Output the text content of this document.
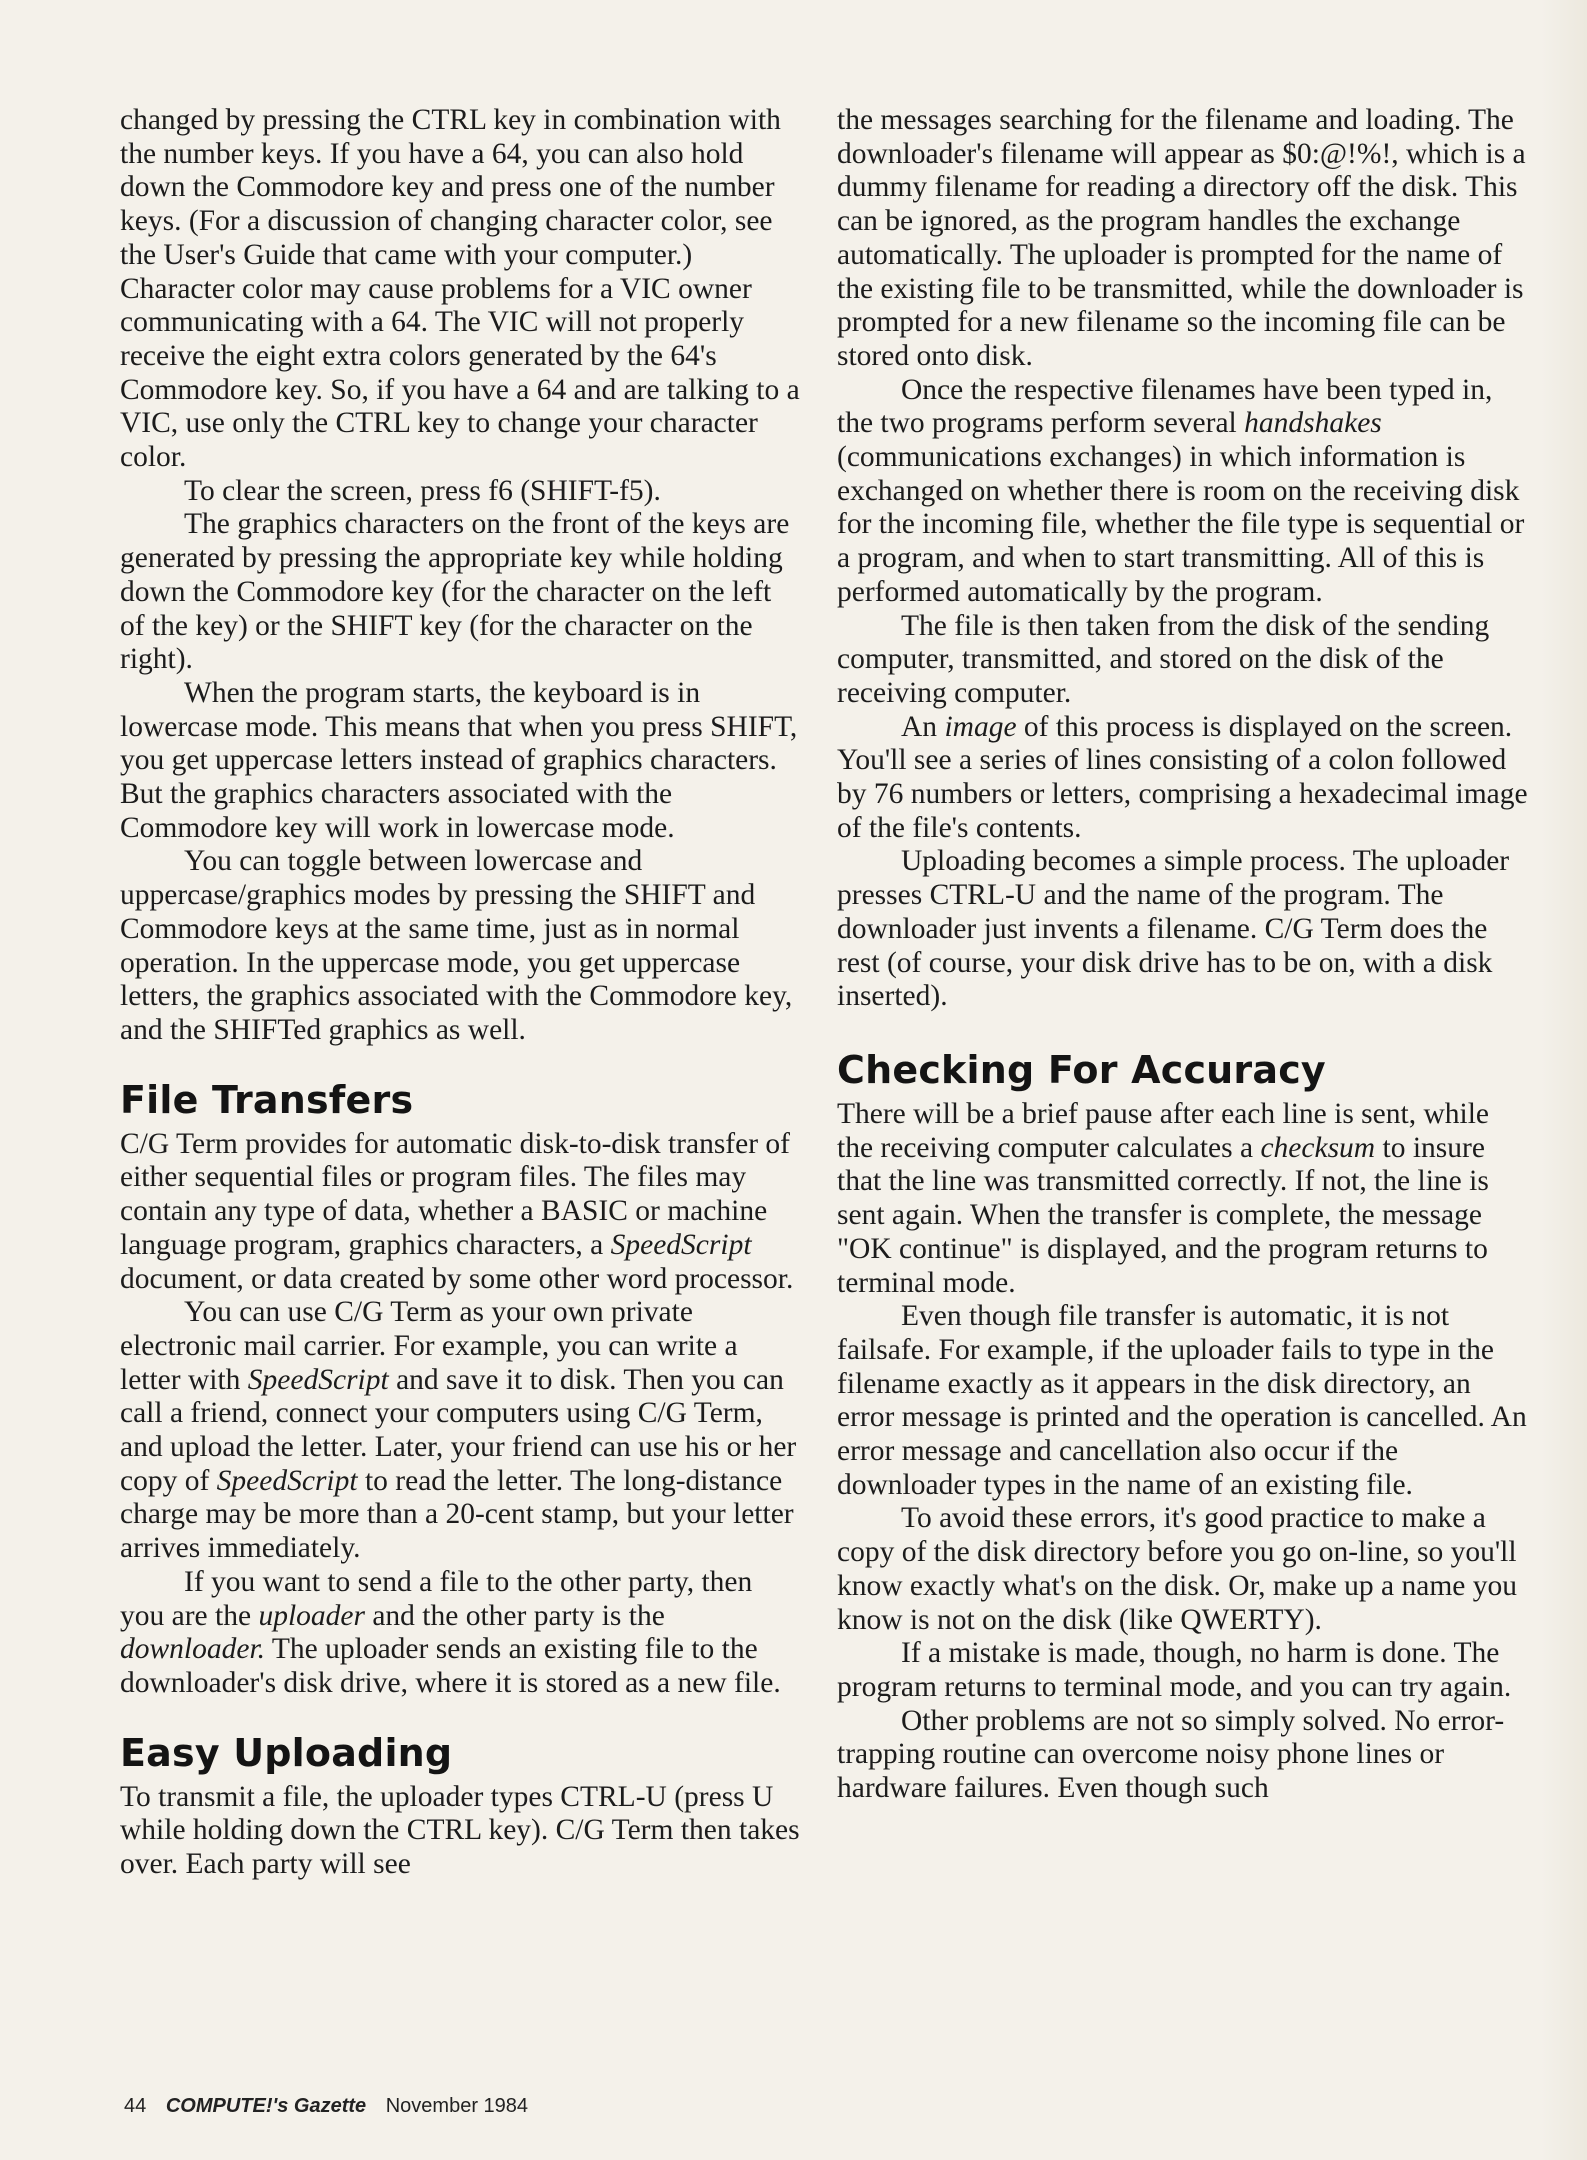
changed by pressing the CTRL key in combination with the number keys. If you have a 64, you can also hold down the Commodore key and press one of the number keys. (For a discussion of changing character color, see the User's Guide that came with your computer.) Character color may cause problems for a VIC owner communicating with a 64. The VIC will not properly receive the eight extra colors generated by the 64's Commodore key. So, if you have a 64 and are talking to a VIC, use only the CTRL key to change your character color.

To clear the screen, press f6 (SHIFT-f5).

The graphics characters on the front of the keys are generated by pressing the appropriate key while holding down the Commodore key (for the character on the left of the key) or the SHIFT key (for the character on the right).

When the program starts, the keyboard is in lowercase mode. This means that when you press SHIFT, you get uppercase letters instead of graphics characters. But the graphics characters associated with the Commodore key will work in lowercase mode.

You can toggle between lowercase and uppercase/graphics modes by pressing the SHIFT and Commodore keys at the same time, just as in normal operation. In the uppercase mode, you get uppercase letters, the graphics associated with the Commodore key, and the SHIFTed graphics as well.

File Transfers

C/G Term provides for automatic disk-to-disk transfer of either sequential files or program files. The files may contain any type of data, whether a BASIC or machine language program, graphics characters, a SpeedScript document, or data created by some other word processor.

You can use C/G Term as your own private electronic mail carrier. For example, you can write a letter with SpeedScript and save it to disk. Then you can call a friend, connect your computers using C/G Term, and upload the letter. Later, your friend can use his or her copy of SpeedScript to read the letter. The long-distance charge may be more than a 20-cent stamp, but your letter arrives immediately.

If you want to send a file to the other party, then you are the uploader and the other party is the downloader. The uploader sends an existing file to the downloader's disk drive, where it is stored as a new file.

Easy Uploading

To transmit a file, the uploader types CTRL-U (press U while holding down the CTRL key). C/G Term then takes over. Each party will see

the messages searching for the filename and loading. The downloader's filename will appear as $0:@!%!, which is a dummy filename for reading a directory off the disk. This can be ignored, as the program handles the exchange automatically. The uploader is prompted for the name of the existing file to be transmitted, while the downloader is prompted for a new filename so the incoming file can be stored onto disk.

Once the respective filenames have been typed in, the two programs perform several handshakes (communications exchanges) in which information is exchanged on whether there is room on the receiving disk for the incoming file, whether the file type is sequential or a program, and when to start transmitting. All of this is performed automatically by the program.

The file is then taken from the disk of the sending computer, transmitted, and stored on the disk of the receiving computer.

An image of this process is displayed on the screen. You'll see a series of lines consisting of a colon followed by 76 numbers or letters, comprising a hexadecimal image of the file's contents.

Uploading becomes a simple process. The uploader presses CTRL-U and the name of the program. The downloader just invents a filename. C/G Term does the rest (of course, your disk drive has to be on, with a disk inserted).

Checking For Accuracy

There will be a brief pause after each line is sent, while the receiving computer calculates a checksum to insure that the line was transmitted correctly. If not, the line is sent again. When the transfer is complete, the message "OK continue" is displayed, and the program returns to terminal mode.

Even though file transfer is automatic, it is not failsafe. For example, if the uploader fails to type in the filename exactly as it appears in the disk directory, an error message is printed and the operation is cancelled. An error message and cancellation also occur if the downloader types in the name of an existing file.

To avoid these errors, it's good practice to make a copy of the disk directory before you go on-line, so you'll know exactly what's on the disk. Or, make up a name you know is not on the disk (like QWERTY).

If a mistake is made, though, no harm is done. The program returns to terminal mode, and you can try again.

Other problems are not so simply solved. No error-trapping routine can overcome noisy phone lines or hardware failures. Even though such

44 COMPUTE!'s Gazette November 1984
